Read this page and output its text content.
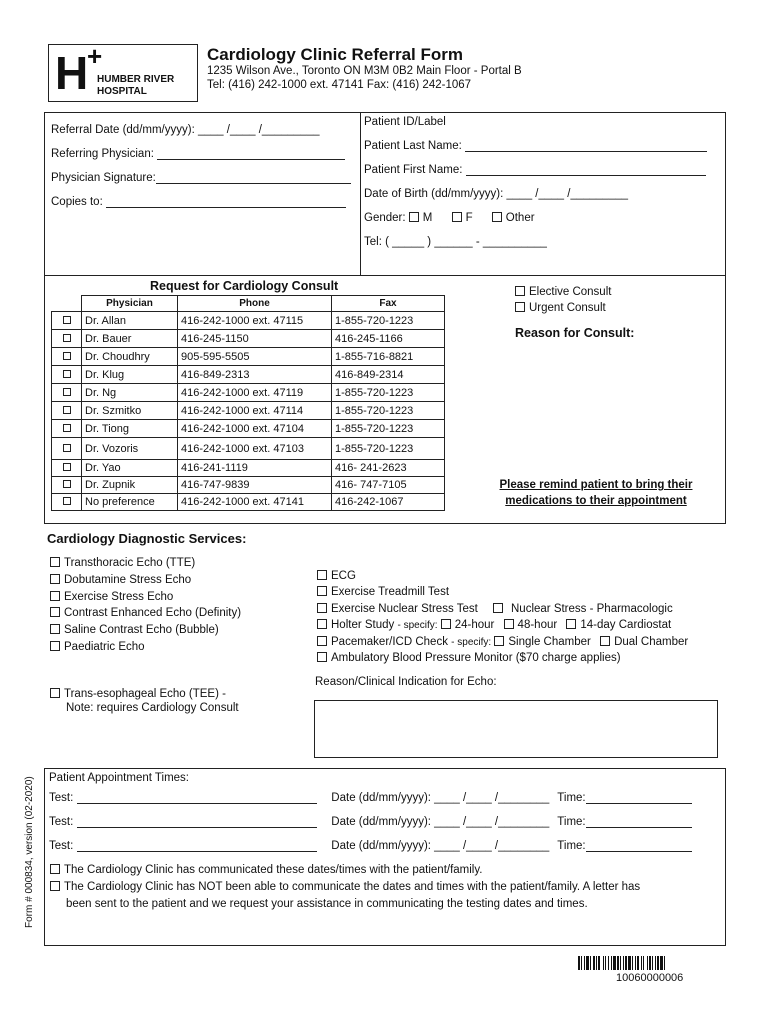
H
+
HUMBER RIVER
HOSPITAL
Cardiology Clinic Referral Form
1235 Wilson Ave., Toronto ON M3M 0B2 Main Floor - Portal B
Tel: (416) 242-1000 ext. 47141 Fax: (416) 242-1067
Referral Date (dd/mm/yyyy): ____ /____ /_________
Referring Physician:
Physician Signature:
Copies to:
Patient ID/Label
Patient Last Name:
Patient First Name:
Date of Birth (dd/mm/yyyy): ____ /____ /_________
Gender: M	F	Other
Tel: ( _____ ) ______ - __________
Request for Cardiology Consult
	Physician	Phone	Fax
	Dr. Allan	416-242-1000 ext. 47115	1-855-720-1223
	Dr. Bauer	416-245-1150	416-245-1166
	Dr. Choudhry	905-595-5505	1-855-716-8821
	Dr. Klug	416-849-2313	416-849-2314
	Dr. Ng	416-242-1000 ext. 47119	1-855-720-1223
	Dr. Szmitko	416-242-1000 ext. 47114	1-855-720-1223
	Dr. Tiong	416-242-1000 ext. 47104	1-855-720-1223
	Dr. Vozoris	416-242-1000 ext. 47103	1-855-720-1223
	Dr. Yao	416-241-1119	416- 241-2623
	Dr. Zupnik	416-747-9839	416- 747-7105
	No preference	416-242-1000 ext. 47141	416-242-1067
Elective Consult
Urgent Consult
Reason for Consult:
Please remind patient to bring their
medications to their appointment
Cardiology Diagnostic Services:
Transthoracic Echo (TTE)
Dobutamine Stress Echo
Exercise Stress Echo
Contrast Enhanced Echo (Definity)
Saline Contrast Echo (Bubble)
Paediatric Echo
Trans-esophageal Echo (TEE) -
Note: requires Cardiology Consult
ECG
Exercise Treadmill Test
Exercise Nuclear Stress Test	Nuclear Stress - Pharmacologic
Holter Study - specify: 24-hour 48-hour 14-day Cardiostat
Pacemaker/ICD Check - specify: Single Chamber Dual Chamber
Ambulatory Blood Pressure Monitor ($70 charge applies)
Reason/Clinical Indication for Echo:
Patient Appointment Times:
Test:	Date (dd/mm/yyyy): ____ /____ /________ Time:
Test:	Date (dd/mm/yyyy): ____ /____ /________ Time:
Test:	Date (dd/mm/yyyy): ____ /____ /________ Time:
The Cardiology Clinic has communicated these dates/times with the patient/family.
The Cardiology Clinic has NOT been able to communicate the dates and times with the patient/family. A letter has
been sent to the patient and we request your assistance in communicating the testing dates and times.
Form # 000834, version (02-2020)
10060000006
